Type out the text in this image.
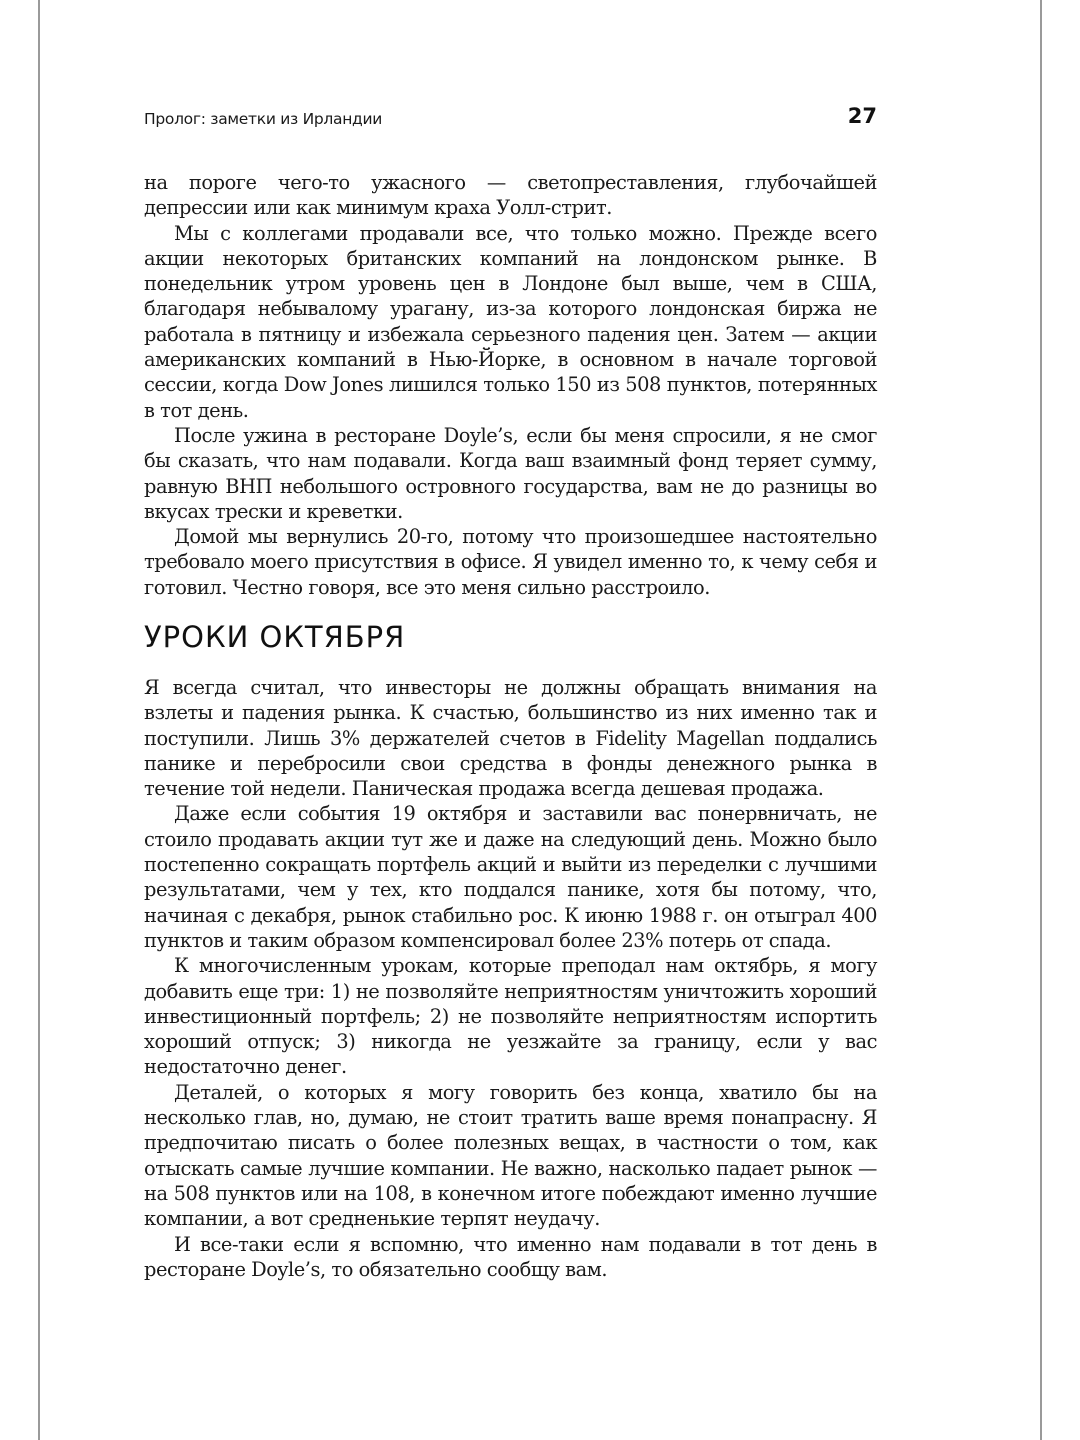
Пролог: заметки из Ирландии	27

на пороге чего-то ужасного — светопреставления, глубочайшей депрессии или как минимум краха Уолл-стрит.

Мы с коллегами продавали все, что только можно. Прежде всего акции некоторых британских компаний на лондонском рынке. В понедельник утром уровень цен в Лондоне был выше, чем в США, благодаря небывалому урагану, из-за которого лондонская биржа не работала в пятницу и избежала серьезного падения цен. Затем — акции американских компаний в Нью-Йорке, в основном в начале торговой сессии, когда Dow Jones лишился только 150 из 508 пунктов, потерянных в тот день.

После ужина в ресторане Doyle’s, если бы меня спросили, я не смог бы сказать, что нам подавали. Когда ваш взаимный фонд теряет сумму, равную ВНП небольшого островного государства, вам не до разницы во вкусах трески и креветки.

Домой мы вернулись 20-го, потому что произошедшее настоятельно требовало моего присутствия в офисе. Я увидел именно то, к чему себя и готовил. Честно говоря, все это меня сильно расстроило.

УРОКИ ОКТЯБРЯ

Я всегда считал, что инвесторы не должны обращать внимания на взлеты и падения рынка. К счастью, большинство из них именно так и поступили. Лишь 3% держателей счетов в Fidelity Magellan поддались панике и перебросили свои средства в фонды денежного рынка в течение той недели. Паническая продажа всегда дешевая продажа.

Даже если события 19 октября и заставили вас понервничать, не стоило продавать акции тут же и даже на следующий день. Можно было постепенно сокращать портфель акций и выйти из переделки с лучшими результатами, чем у тех, кто поддался панике, хотя бы потому, что, начиная с декабря, рынок стабильно рос. К июню 1988 г. он отыграл 400 пунктов и таким образом компенсировал более 23% потерь от спада.

К многочисленным урокам, которые преподал нам октябрь, я могу добавить еще три: 1) не позволяйте неприятностям уничтожить хороший инвестиционный портфель; 2) не позволяйте неприятностям испортить хороший отпуск; 3) никогда не уезжайте за границу, если у вас недостаточно денег.

Деталей, о которых я могу говорить без конца, хватило бы на несколько глав, но, думаю, не стоит тратить ваше время понапрасну. Я предпочитаю писать о более полезных вещах, в частности о том, как отыскать самые лучшие компании. Не важно, насколько падает рынок — на 508 пунктов или на 108, в конечном итоге побеждают именно лучшие компании, а вот средненькие терпят неудачу.

И все-таки если я вспомню, что именно нам подавали в тот день в ресторане Doyle’s, то обязательно сообщу вам.
